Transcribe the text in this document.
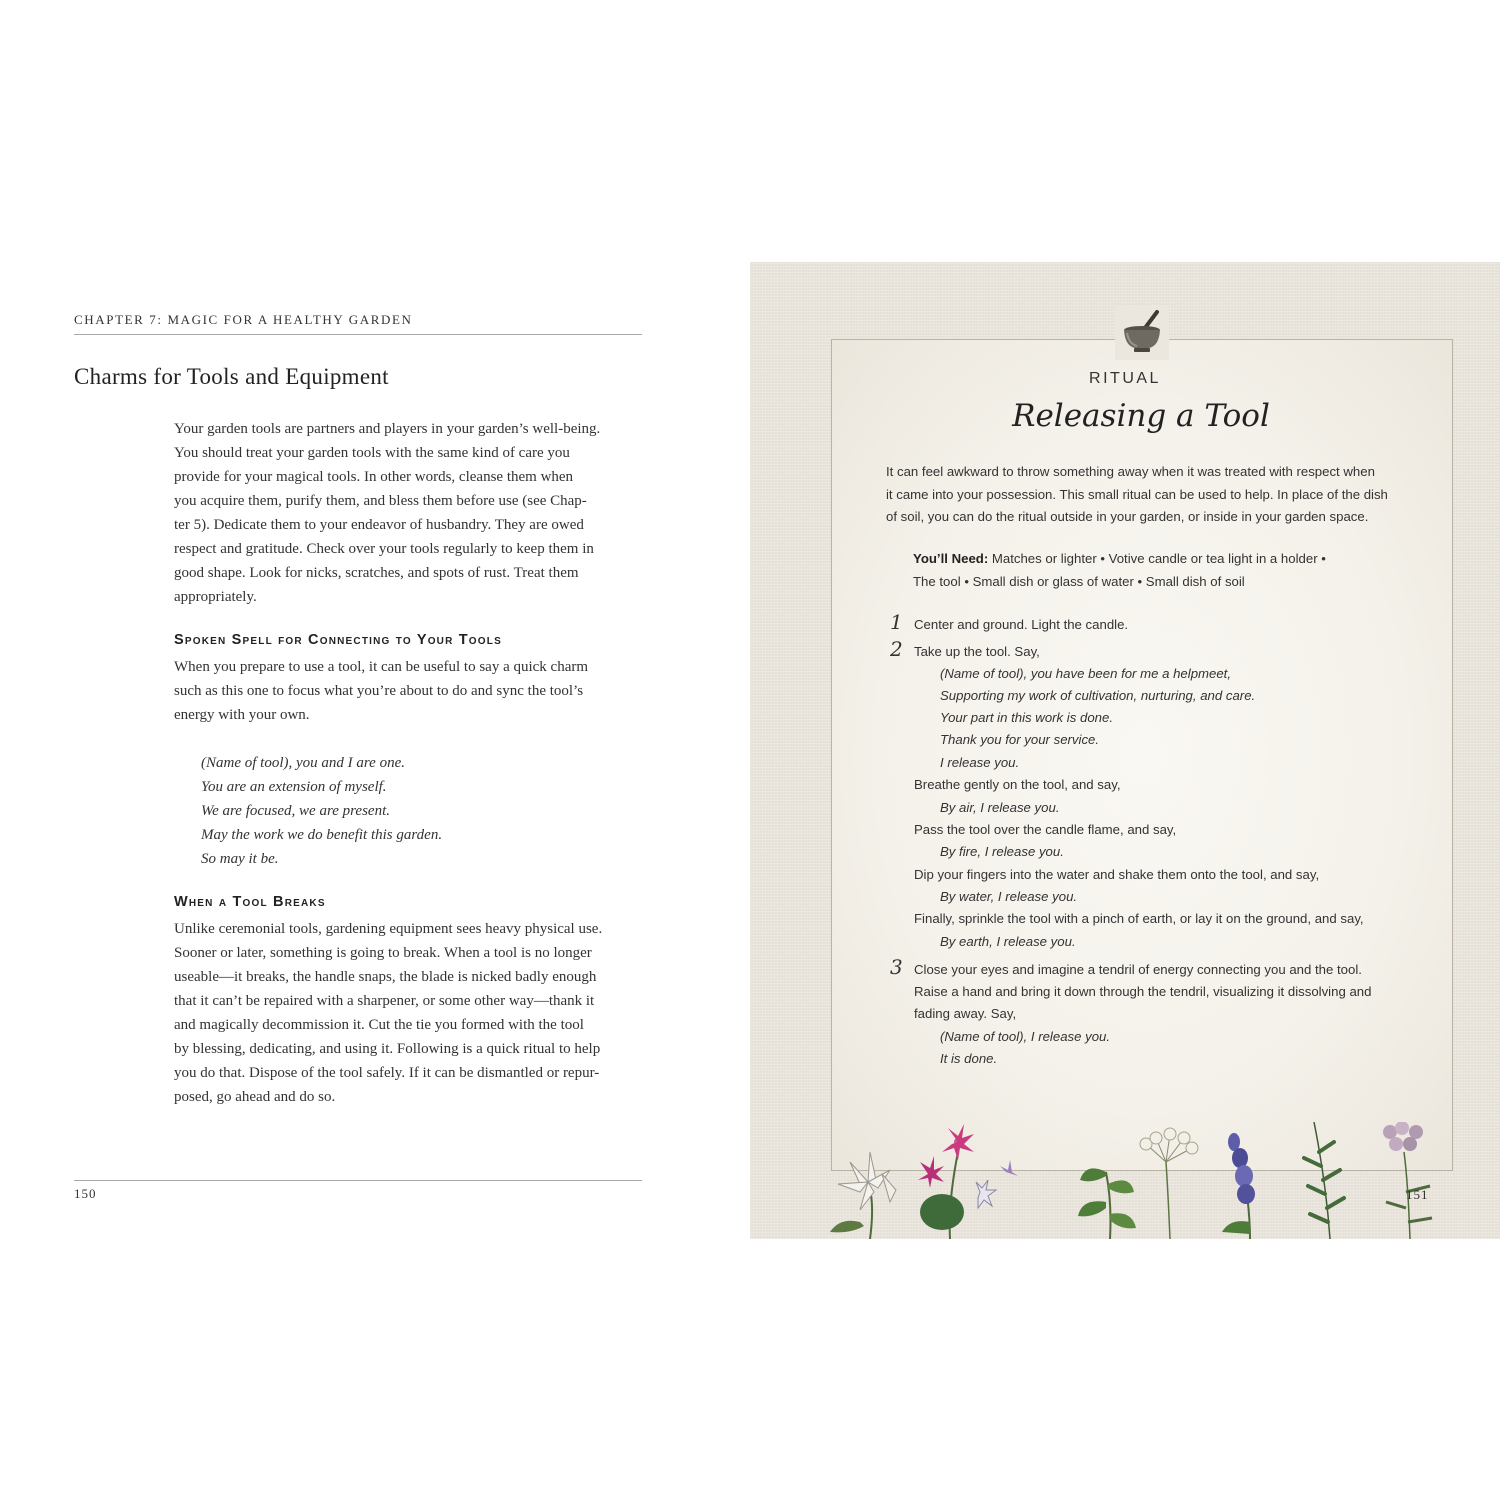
CHAPTER 7: MAGIC FOR A HEALTHY GARDEN
Charms for Tools and Equipment
Your garden tools are partners and players in your garden’s well-being.
You should treat your garden tools with the same kind of care you
provide for your magical tools. In other words, cleanse them when
you acquire them, purify them, and bless them before use (see Chap-
ter 5). Dedicate them to your endeavor of husbandry. They are owed
respect and gratitude. Check over your tools regularly to keep them in
good shape. Look for nicks, scratches, and spots of rust. Treat them
appropriately.
Spoken Spell for Connecting to Your Tools
When you prepare to use a tool, it can be useful to say a quick charm
such as this one to focus what you’re about to do and sync the tool’s
energy with your own.
(Name of tool), you and I are one.
You are an extension of myself.
We are focused, we are present.
May the work we do benefit this garden.
So may it be.
When a Tool Breaks
Unlike ceremonial tools, gardening equipment sees heavy physical use.
Sooner or later, something is going to break. When a tool is no longer
useable—it breaks, the handle snaps, the blade is nicked badly enough
that it can’t be repaired with a sharpener, or some other way—thank it
and magically decommission it. Cut the tie you formed with the tool
by blessing, dedicating, and using it. Following is a quick ritual to help
you do that. Dispose of the tool safely. If it can be dismantled or repur-
posed, go ahead and do so.
150
RITUAL
Releasing a Tool
It can feel awkward to throw something away when it was treated with respect when
it came into your possession. This small ritual can be used to help. In place of the dish
of soil, you can do the ritual outside in your garden, or inside in your garden space.
You’ll Need: Matches or lighter • Votive candle or tea light in a holder •
The tool • Small dish or glass of water • Small dish of soil
1 Center and ground. Light the candle.
2 Take up the tool. Say,
(Name of tool), you have been for me a helpmeet,
Supporting my work of cultivation, nurturing, and care.
Your part in this work is done.
Thank you for your service.
I release you.
Breathe gently on the tool, and say,
By air, I release you.
Pass the tool over the candle flame, and say,
By fire, I release you.
Dip your fingers into the water and shake them onto the tool, and say,
By water, I release you.
Finally, sprinkle the tool with a pinch of earth, or lay it on the ground, and say,
By earth, I release you.
3 Close your eyes and imagine a tendril of energy connecting you and the tool.
Raise a hand and bring it down through the tendril, visualizing it dissolving and
fading away. Say,
(Name of tool), I release you.
It is done.
151
